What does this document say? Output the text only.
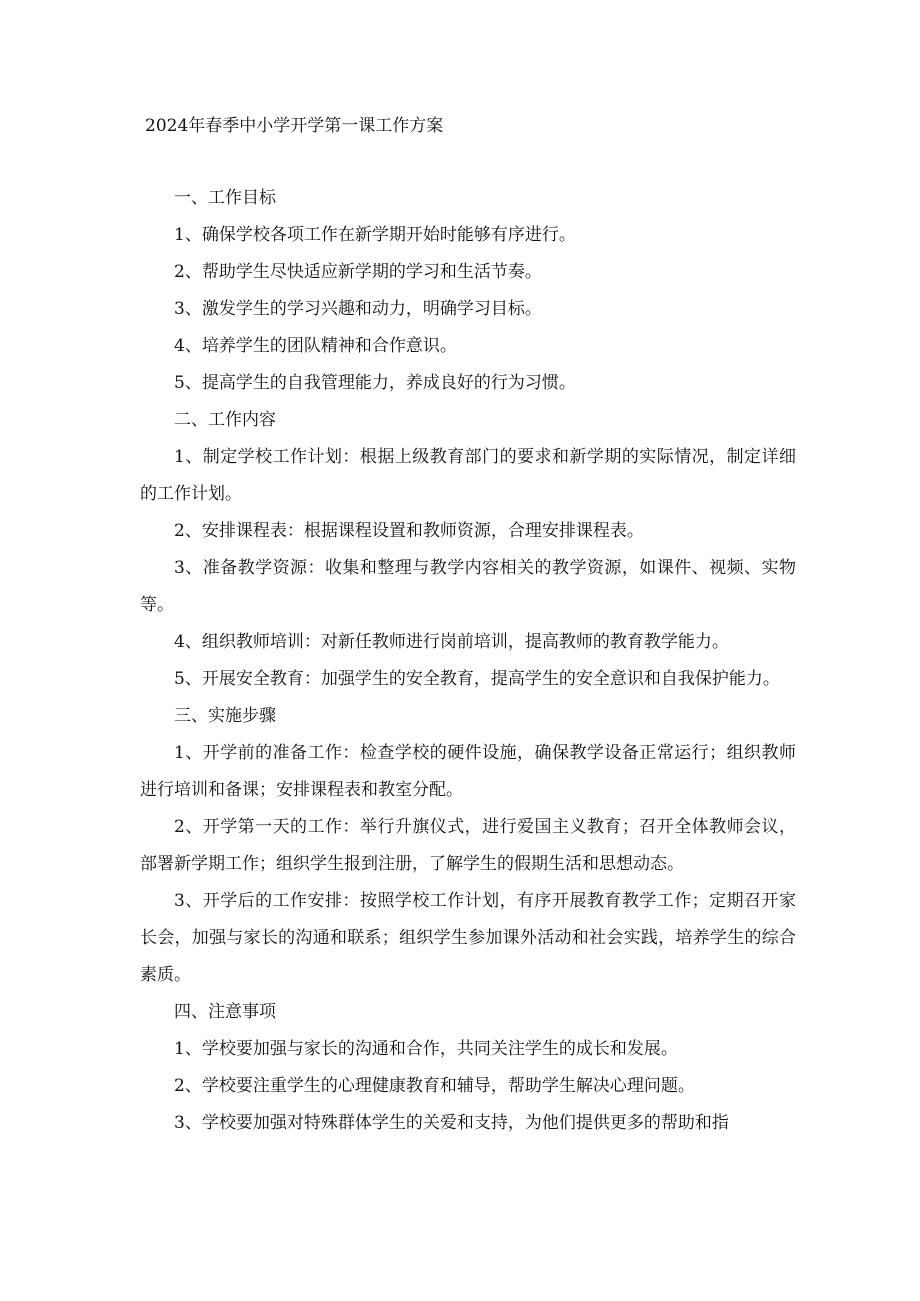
2024年春季中小学开学第一课工作方案

一、工作目标

1、确保学校各项工作在新学期开始时能够有序进行。

2、帮助学生尽快适应新学期的学习和生活节奏。

3、激发学生的学习兴趣和动力，明确学习目标。

4、培养学生的团队精神和合作意识。

5、提高学生的自我管理能力，养成良好的行为习惯。

二、工作内容

1、制定学校工作计划：根据上级教育部门的要求和新学期的实际情况，制定详细的工作计划。

2、安排课程表：根据课程设置和教师资源，合理安排课程表。

3、准备教学资源：收集和整理与教学内容相关的教学资源，如课件、视频、实物等。

4、组织教师培训：对新任教师进行岗前培训，提高教师的教育教学能力。

5、开展安全教育：加强学生的安全教育，提高学生的安全意识和自我保护能力。

三、实施步骤

1、开学前的准备工作：检查学校的硬件设施，确保教学设备正常运行；组织教师进行培训和备课；安排课程表和教室分配。

2、开学第一天的工作：举行升旗仪式，进行爱国主义教育；召开全体教师会议，部署新学期工作；组织学生报到注册，了解学生的假期生活和思想动态。

3、开学后的工作安排：按照学校工作计划，有序开展教育教学工作；定期召开家长会，加强与家长的沟通和联系；组织学生参加课外活动和社会实践，培养学生的综合素质。

四、注意事项

1、学校要加强与家长的沟通和合作，共同关注学生的成长和发展。

2、学校要注重学生的心理健康教育和辅导，帮助学生解决心理问题。

3、学校要加强对特殊群体学生的关爱和支持，为他们提供更多的帮助和指
